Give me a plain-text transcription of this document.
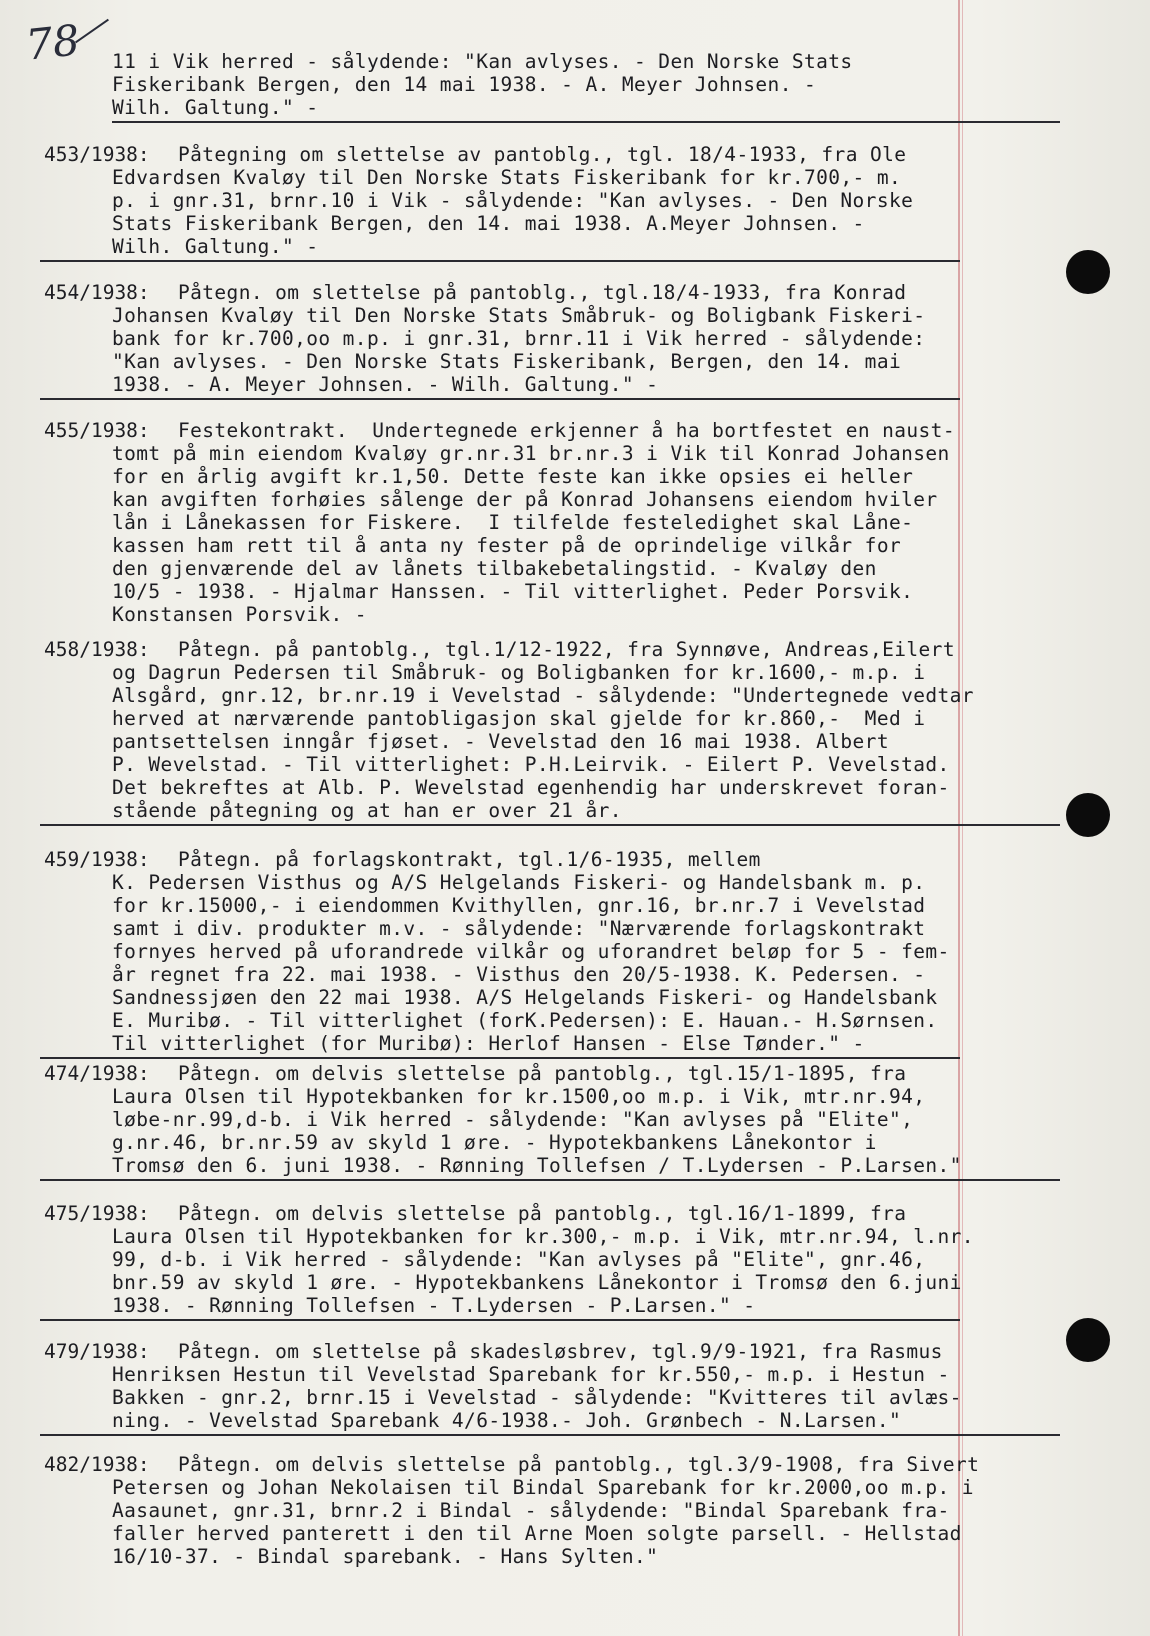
78 11 i Vik herred - sålydende: "Kan avlyses. - Den Norske Stats
Fiskeribank Bergen, den 14 mai 1938. - A. Meyer Johnsen. -
Wilh. Galtung." -
453/1938: Påtegning om slettelse av pantoblg., tgl. 18/4-1933, fra Ole
Edvardsen Kvaløy til Den Norske Stats Fiskeribank for kr.700,- m.
p. i gnr.31, brnr.10 i Vik - sålydende: "Kan avlyses. - Den Norske
Stats Fiskeribank Bergen, den 14. mai 1938. A.Meyer Johnsen. -
Wilh. Galtung." -
454/1938: Påtegn. om slettelse på pantoblg., tgl.18/4-1933, fra Konrad
Johansen Kvaløy til Den Norske Stats Småbruk- og Boligbank Fiskeri-
bank for kr.700,oo m.p. i gnr.31, brnr.11 i Vik herred - sålydende:
"Kan avlyses. - Den Norske Stats Fiskeribank, Bergen, den 14. mai
1938. - A. Meyer Johnsen. - Wilh. Galtung." -
455/1938: Festekontrakt.  Undertegnede erkjenner å ha bortfestet en naust-
tomt på min eiendom Kvaløy gr.nr.31 br.nr.3 i Vik til Konrad Johansen
for en årlig avgift kr.1,50. Dette feste kan ikke opsies ei heller
kan avgiften forhøies sålenge der på Konrad Johansens eiendom hviler
lån i Lånekassen for Fiskere.  I tilfelde festeledighet skal Låne-
kassen ham rett til å anta ny fester på de oprindelige vilkår for
den gjenværende del av lånets tilbakebetalingstid. - Kvaløy den
10/5 - 1938. - Hjalmar Hanssen. - Til vitterlighet. Peder Porsvik.
Konstansen Porsvik. -
458/1938: Påtegn. på pantoblg., tgl.1/12-1922, fra Synnøve, Andreas,Eilert
og Dagrun Pedersen til Småbruk- og Boligbanken for kr.1600,- m.p. i
Alsgård, gnr.12, br.nr.19 i Vevelstad - sålydende: "Undertegnede vedtar
herved at nærværende pantobligasjon skal gjelde for kr.860,-  Med i
pantsettelsen inngår fjøset. - Vevelstad den 16 mai 1938. Albert
P. Wevelstad. - Til vitterlighet: P.H.Leirvik. - Eilert P. Vevelstad.
Det bekreftes at Alb. P. Wevelstad egenhendig har underskrevet foran-
stående påtegning og at han er over 21 år.
459/1938: Påtegn. på forlagskontrakt, tgl.1/6-1935, mellem
K. Pedersen Visthus og A/S Helgelands Fiskeri- og Handelsbank m. p.
for kr.15000,- i eiendommen Kvithyllen, gnr.16, br.nr.7 i Vevelstad
samt i div. produkter m.v. - sålydende: "Nærværende forlagskontrakt
fornyes herved på uforandrede vilkår og uforandret beløp for 5 - fem-
år regnet fra 22. mai 1938. - Visthus den 20/5-1938. K. Pedersen. -
Sandnessjøen den 22 mai 1938. A/S Helgelands Fiskeri- og Handelsbank
E. Muribø. - Til vitterlighet (forK.Pedersen): E. Hauan.- H.Sørnsen.
Til vitterlighet (for Muribø): Herlof Hansen - Else Tønder." -
474/1938: Påtegn. om delvis slettelse på pantoblg., tgl.15/1-1895, fra
Laura Olsen til Hypotekbanken for kr.1500,oo m.p. i Vik, mtr.nr.94,
løbe-nr.99,d-b. i Vik herred - sålydende: "Kan avlyses på "Elite",
g.nr.46, br.nr.59 av skyld 1 øre. - Hypotekbankens Lånekontor i
Tromsø den 6. juni 1938. - Rønning Tollefsen / T.Lydersen - P.Larsen."
475/1938: Påtegn. om delvis slettelse på pantoblg., tgl.16/1-1899, fra
Laura Olsen til Hypotekbanken for kr.300,- m.p. i Vik, mtr.nr.94, l.nr.
99, d-b. i Vik herred - sålydende: "Kan avlyses på "Elite", gnr.46,
bnr.59 av skyld 1 øre. - Hypotekbankens Lånekontor i Tromsø den 6.juni
1938. - Rønning Tollefsen - T.Lydersen - P.Larsen." -
479/1938: Påtegn. om slettelse på skadesløsbrev, tgl.9/9-1921, fra Rasmus
Henriksen Hestun til Vevelstad Sparebank for kr.550,- m.p. i Hestun -
Bakken - gnr.2, brnr.15 i Vevelstad - sålydende: "Kvitteres til avlæs-
ning. - Vevelstad Sparebank 4/6-1938.- Joh. Grønbech - N.Larsen."
482/1938: Påtegn. om delvis slettelse på pantoblg., tgl.3/9-1908, fra Sivert
Petersen og Johan Nekolaisen til Bindal Sparebank for kr.2000,oo m.p. i
Aasaunet, gnr.31, brnr.2 i Bindal - sålydende: "Bindal Sparebank fra-
faller herved panterett i den til Arne Moen solgte parsell. - Hellstad
16/10-37. - Bindal sparebank. - Hans Sylten."
